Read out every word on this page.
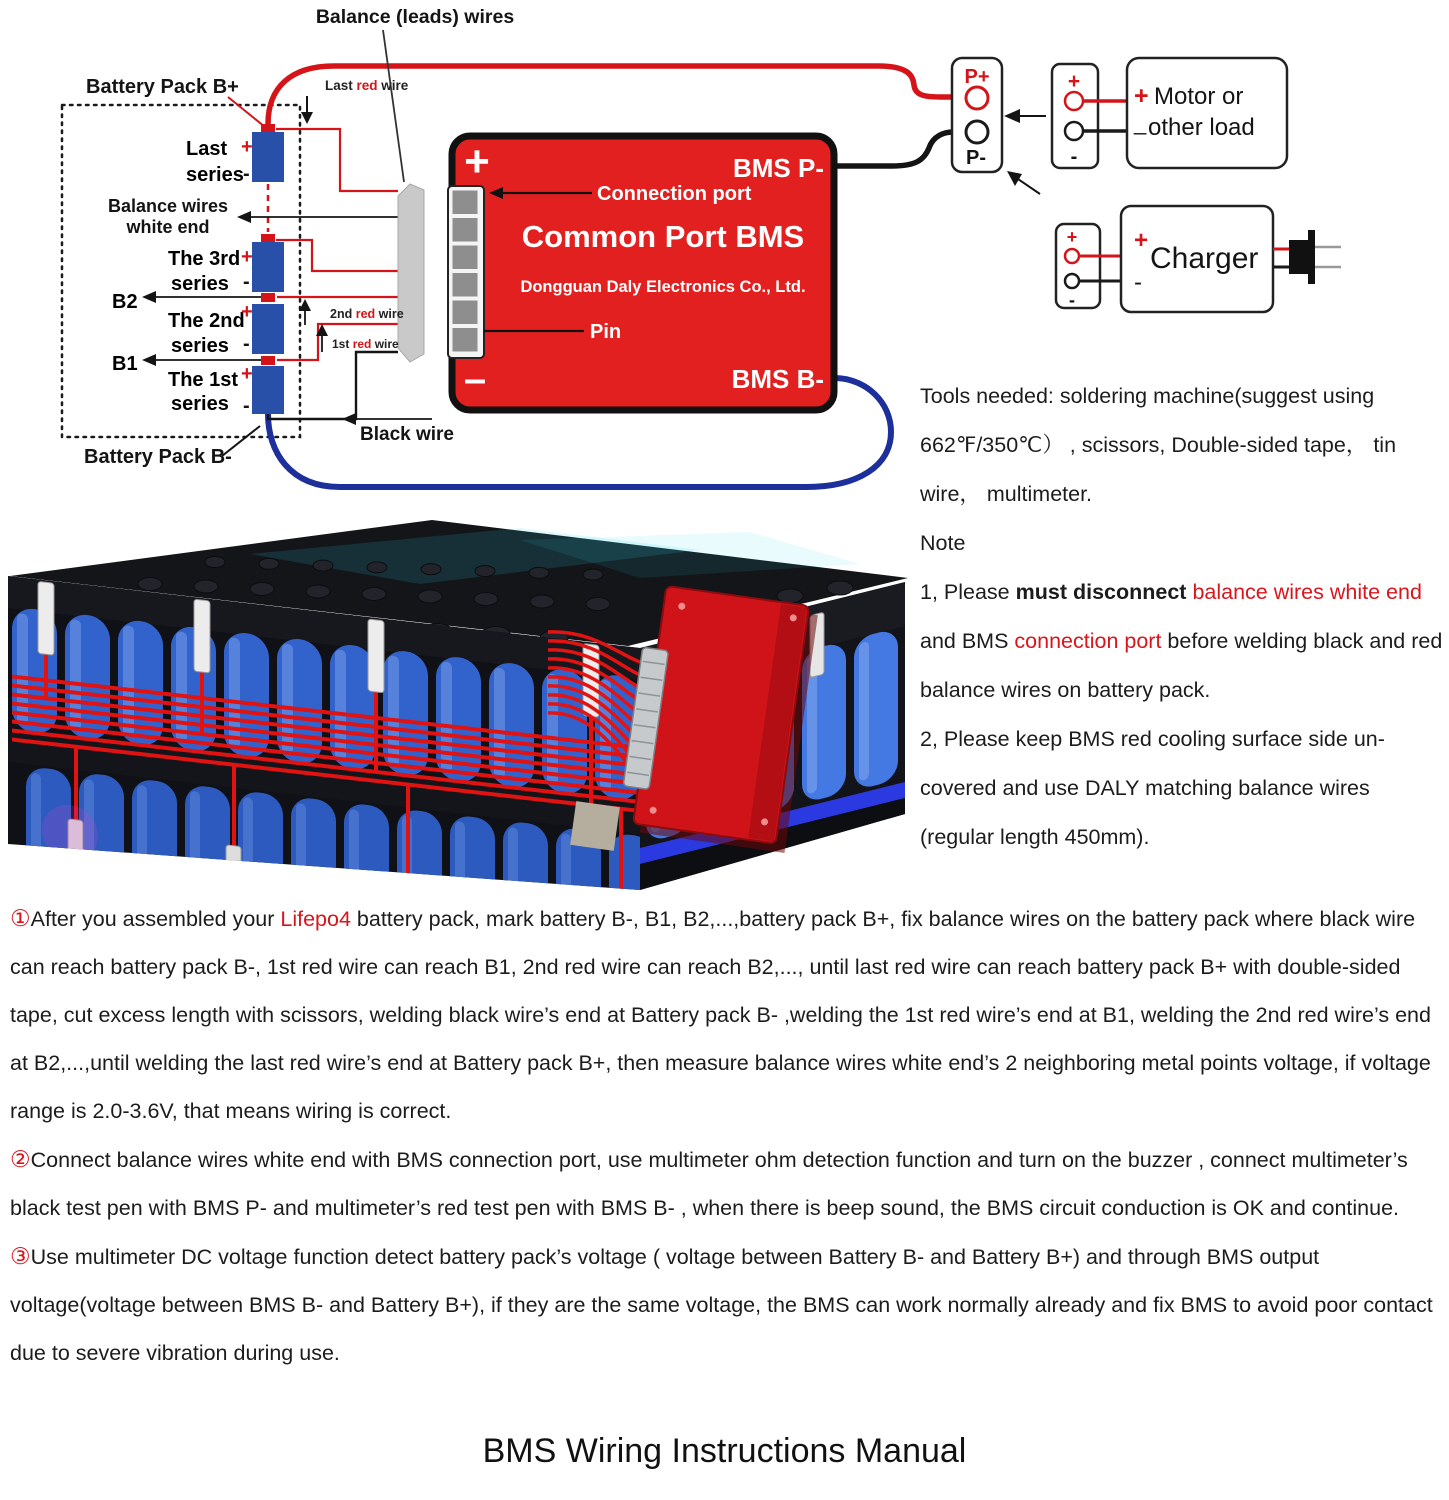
Balance (leads) wires
Battery Pack B+
Battery Pack B-
Last red wire
2nd red wire
1st red wire
Black wire
Balance wires
white end
Last
series
The 3rd
series
The 2nd
series
The 1st
series
B2
B1
+
-
+
-
+
-
+
-
+	BMS P-
Connection port
Common Port BMS
Dongguan Daly Electronics Co., Ltd.
Pin
–	BMS B-
P+
P-
+
-
+ Motor or
_ other load
+
-
+
Charger
-

Tools needed: soldering machine(suggest using 662℉/350℃） , scissors, Double-sided tape， tin wire， multimeter.

Note

1, Please must disconnect balance wires white end and BMS connection port before welding black and red balance wires on battery pack.

2, Please keep BMS red cooling surface side un-covered and use DALY matching balance wires (regular length 450mm).

①After you assembled your Lifepo4 battery pack, mark battery B-, B1, B2,...,battery pack B+, fix balance wires on the battery pack where black wire can reach battery pack B-, 1st red wire can reach B1, 2nd red wire can reach B2,..., until last red wire can reach battery pack B+ with double-sided tape, cut excess length with scissors, welding black wire’s end at Battery pack B- ,welding the 1st red wire’s end at B1, welding the 2nd red wire’s end at B2,...,until welding the last red wire’s end at Battery pack B+, then measure balance wires white end’s 2 neighboring metal points voltage, if voltage range is 2.0-3.6V, that means wiring is correct.

②Connect balance wires white end with BMS connection port, use multimeter ohm detection function and turn on the buzzer , connect multimeter’s black test pen with BMS P- and multimeter’s red test pen with BMS B- , when there is beep sound, the BMS circuit conduction is OK and continue.

③Use multimeter DC voltage function detect battery pack’s voltage ( voltage between Battery B- and Battery B+) and through BMS output voltage(voltage between BMS B- and Battery B+), if they are the same voltage, the BMS can work normally already and fix BMS to avoid poor contact due to severe vibration during use.

BMS Wiring Instructions Manual
